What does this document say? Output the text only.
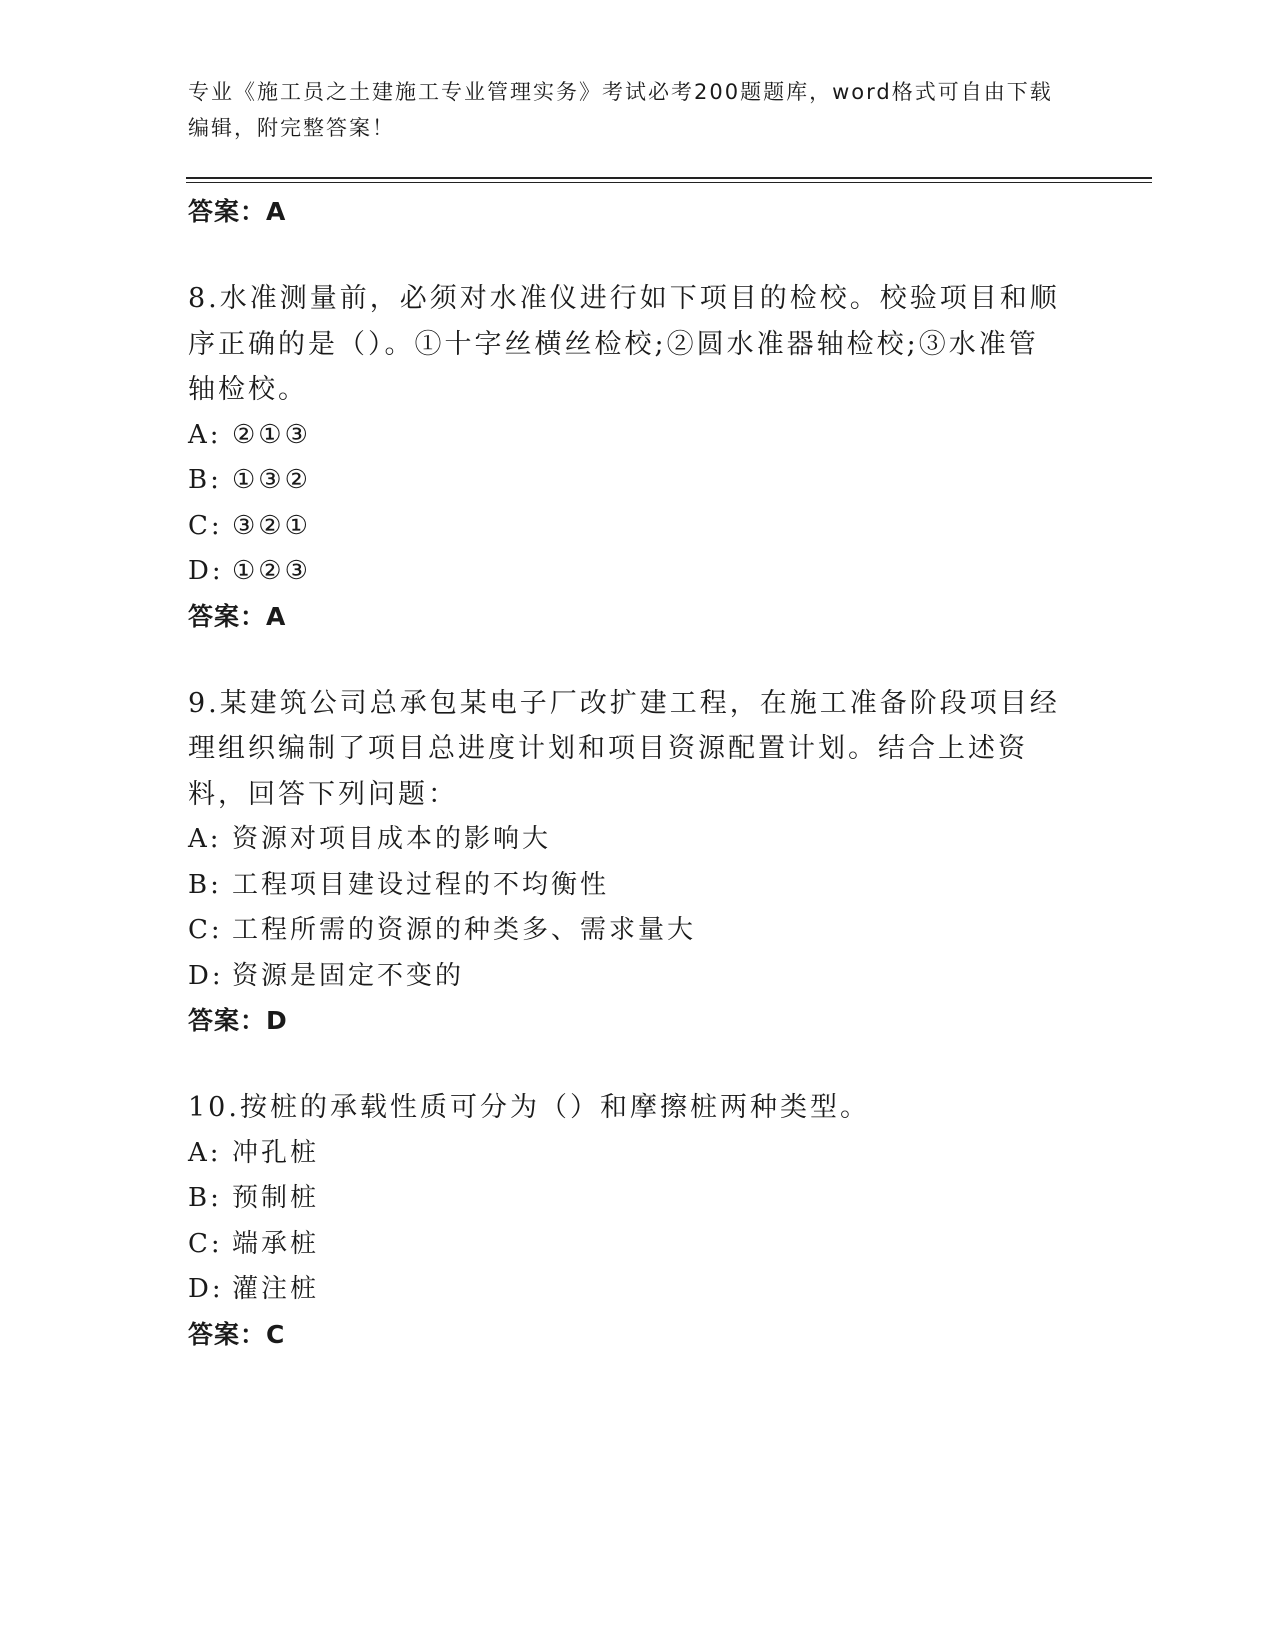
专业《施工员之土建施工专业管理实务》考试必考200题题库，word格式可自由下载编辑，附完整答案！
答案：A
8.水准测量前，必须对水准仪进行如下项目的检校。校验项目和顺序正确的是（）。①十字丝横丝检校;②圆水准器轴检校;③水准管轴检校。
A: ②①③
B: ①③②
C: ③②①
D: ①②③
答案：A
9.某建筑公司总承包某电子厂改扩建工程，在施工准备阶段项目经理组织编制了项目总进度计划和项目资源配置计划。结合上述资料，回答下列问题：
A: 资源对项目成本的影响大
B: 工程项目建设过程的不均衡性
C: 工程所需的资源的种类多、需求量大
D: 资源是固定不变的
答案：D
10.按桩的承载性质可分为（）和摩擦桩两种类型。
A: 冲孔桩
B: 预制桩
C: 端承桩
D: 灌注桩
答案：C
